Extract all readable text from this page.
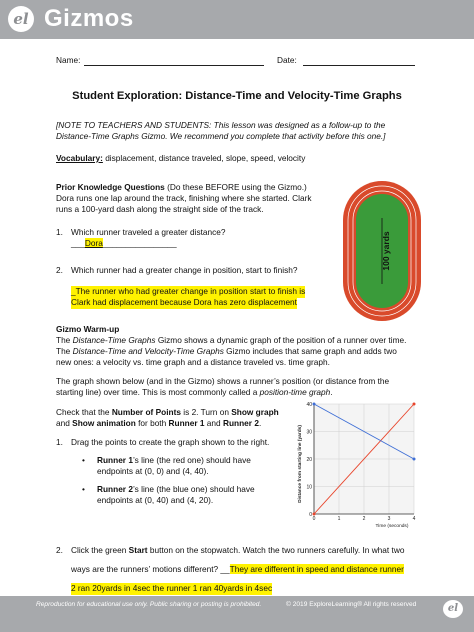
el Gizmos
Name:	Date:
Student Exploration: Distance-Time and Velocity-Time Graphs
[NOTE TO TEACHERS AND STUDENTS: This lesson was designed as a follow-up to the
Distance-Time Graphs Gizmo. We recommend you complete that activity before this one.]
Vocabulary: displacement, distance traveled, slope, speed, velocity
Prior Knowledge Questions (Do these BEFORE using the Gizmo.)
Dora runs one lap around the track, finishing where she started. Clark
runs a 100-yard dash along the straight side of the track.
1. Which runner traveled a greater distance?
___Dora________________
2. Which runner had a greater change in position, start to finish?
_The runner who had greater change in position start to finish is
Clark had displacement because Dora has zero displacement
100 yards
Gizmo Warm-up
The Distance-Time Graphs Gizmo shows a dynamic graph of the position of a runner over time.
The Distance-Time and Velocity-Time Graphs Gizmo includes that same graph and adds two
new ones: a velocity vs. time graph and a distance traveled vs. time graph.
The graph shown below (and in the Gizmo) shows a runner’s position (or distance from the
starting line) over time. This is most commonly called a position-time graph.
Check that the Number of Points is 2. Turn on Show graph
and Show animation for both Runner 1 and Runner 2.
1. Drag the points to create the graph shown to the right.
• Runner 1’s line (the red one) should have
endpoints at (0, 0) and (4, 40).
• Runner 2’s line (the blue one) should have
endpoints at (0, 40) and (4, 20).
0
10
20
30
40
0	1	2	3	4
Time (seconds)
Distance from starting line (yards)
2. Click the green Start button on the stopwatch. Watch the two runners carefully. In what two
ways are the runners’ motions different? __They are different in speed and distance runner
2 ran 20yards in 4sec the runner 1 ran 40yards in 4sec
Reproduction for educational use only. Public sharing or posting is prohibited.	© 2019 ExploreLearning® All rights reserved	el
